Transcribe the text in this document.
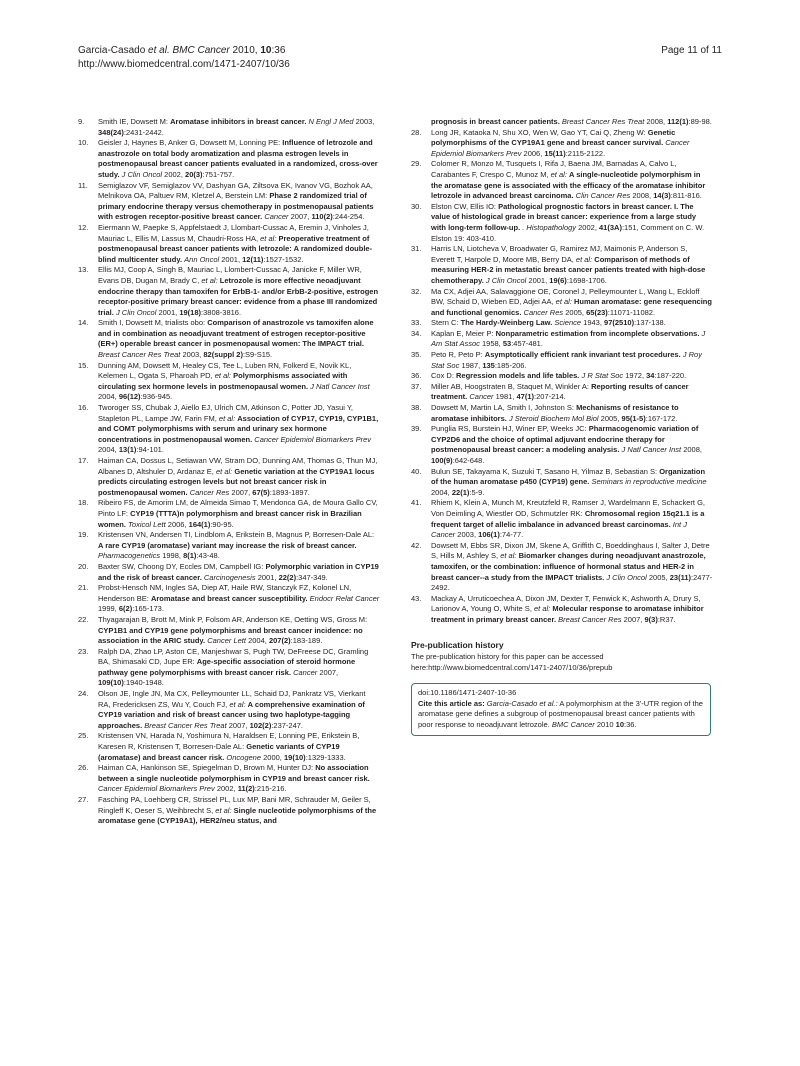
Garcia-Casado et al. BMC Cancer 2010, 10:36
http://www.biomedcentral.com/1471-2407/10/36
Page 11 of 11
9. Smith IE, Dowsett M: Aromatase inhibitors in breast cancer. N Engl J Med 2003, 348(24):2431-2442.
10. Geisler J, Haynes B, Anker G, Dowsett M, Lonning PE: Influence of letrozole and anastrozole on total body aromatization and plasma estrogen levels in postmenopausal breast cancer patients evaluated in a randomized, cross-over study. J Clin Oncol 2002, 20(3):751-757.
11. Semiglazov VF, Semiglazov VV, Dashyan GA, Ziltsova EK, Ivanov VG, Bozhok AA, Melnikova OA, Paltuev RM, Kletzel A, Berstein LM: Phase 2 randomized trial of primary endocrine therapy versus chemotherapy in postmenopausal patients with estrogen receptor-positive breast cancer. Cancer 2007, 110(2):244-254.
12. Eiermann W, Paepke S, Appfelstaedt J, Llombart-Cussac A, Eremin J, Vinholes J, Mauriac L, Ellis M, Lassus M, Chaudri-Ross HA, et al: Preoperative treatment of postmenopausal breast cancer patients with letrozole: A randomized double-blind multicenter study. Ann Oncol 2001, 12(11):1527-1532.
13. Ellis MJ, Coop A, Singh B, Mauriac L, Llombert-Cussac A, Janicke F, Miller WR, Evans DB, Dugan M, Brady C, et al: Letrozole is more effective neoadjuvant endocrine therapy than tamoxifen for ErbB-1- and/or ErbB-2-positive, estrogen receptor-positive primary breast cancer: evidence from a phase III randomized trial. J Clin Oncol 2001, 19(18):3808-3816.
14. Smith I, Dowsett M, trialists obo: Comparison of anastrozole vs tamoxifen alone and in combination as neoadjuvant treatment of estrogen receptor-positive (ER+) operable breast cancer in posmenopausal women: The IMPACT trial. Breast Cancer Res Treat 2003, 82(suppl 2):S9-S15.
15. Dunning AM, Dowsett M, Healey CS, Tee L, Luben RN, Folkerd E, Novik KL, Kelemen L, Ogata S, Pharoah PD, et al: Polymorphisms associated with circulating sex hormone levels in postmenopausal women. J Natl Cancer Inst 2004, 96(12):936-945.
16. Tworoger SS, Chubak J, Aiello EJ, Ulrich CM, Atkinson C, Potter JD, Yasui Y, Stapleton PL, Lampe JW, Farin FM, et al: Association of CYP17, CYP19, CYP1B1, and COMT polymorphisms with serum and urinary sex hormone concentrations in postmenopausal women. Cancer Epidemiol Biomarkers Prev 2004, 13(1):94-101.
17. Haiman CA, Dossus L, Setiawan VW, Stram DO, Dunning AM, Thomas G, Thun MJ, Albanes D, Altshuler D, Ardanaz E, et al: Genetic variation at the CYP19A1 locus predicts circulating estrogen levels but not breast cancer risk in postmenopausal women. Cancer Res 2007, 67(5):1893-1897.
18. Ribeiro FS, de Amorim LM, de Almeida Simao T, Mendonca GA, de Moura Gallo CV, Pinto LF: CYP19 (TTTA)n polymorphism and breast cancer risk in Brazilian women. Toxicol Lett 2006, 164(1):90-95.
19. Kristensen VN, Andersen TI, Lindblom A, Erikstein B, Magnus P, Borresen-Dale AL: A rare CYP19 (aromatase) variant may increase the risk of breast cancer. Pharmacogenetics 1998, 8(1):43-48.
20. Baxter SW, Choong DY, Eccles DM, Campbell IG: Polymorphic variation in CYP19 and the risk of breast cancer. Carcinogenesis 2001, 22(2):347-349.
21. Probst-Hensch NM, Ingles SA, Diep AT, Haile RW, Stanczyk FZ, Kolonel LN, Henderson BE: Aromatase and breast cancer susceptibility. Endocr Relat Cancer 1999, 6(2):165-173.
22. Thyagarajan B, Brott M, Mink P, Folsom AR, Anderson KE, Oetting WS, Gross M: CYP1B1 and CYP19 gene polymorphisms and breast cancer incidence: no association in the ARIC study. Cancer Lett 2004, 207(2):183-189.
23. Ralph DA, Zhao LP, Aston CE, Manjeshwar S, Pugh TW, DeFreese DC, Gramling BA, Shimasaki CD, Jupe ER: Age-specific association of steroid hormone pathway gene polymorphisms with breast cancer risk. Cancer 2007, 109(10):1940-1948.
24. Olson JE, Ingle JN, Ma CX, Pelleymounter LL, Schaid DJ, Pankratz VS, Vierkant RA, Fredericksen ZS, Wu Y, Couch FJ, et al: A comprehensive examination of CYP19 variation and risk of breast cancer using two haplotype-tagging approaches. Breast Cancer Res Treat 2007, 102(2):237-247.
25. Kristensen VN, Harada N, Yoshimura N, Haraldsen E, Lonning PE, Erikstein B, Karesen R, Kristensen T, Borresen-Dale AL: Genetic variants of CYP19 (aromatase) and breast cancer risk. Oncogene 2000, 19(10):1329-1333.
26. Haiman CA, Hankinson SE, Spiegelman D, Brown M, Hunter DJ: No association between a single nucleotide polymorphism in CYP19 and breast cancer risk. Cancer Epidemiol Biomarkers Prev 2002, 11(2):215-216.
27. Fasching PA, Loehberg CR, Strissel PL, Lux MP, Bani MR, Schrauder M, Geiler S, Ringleff K, Oeser S, Weihbrecht S, et al: Single nucleotide polymorphisms of the aromatase gene (CYP19A1), HER2/neu status, and
prognosis in breast cancer patients. Breast Cancer Res Treat 2008, 112(1):89-98.
28. Long JR, Kataoka N, Shu XO, Wen W, Gao YT, Cai Q, Zheng W: Genetic polymorphisms of the CYP19A1 gene and breast cancer survival. Cancer Epidemiol Biomarkers Prev 2006, 15(11):2115-2122.
29. Colomer R, Monzo M, Tusquets I, Rifa J, Baena JM, Barnadas A, Calvo L, Carabantes F, Crespo C, Munoz M, et al: A single-nucleotide polymorphism in the aromatase gene is associated with the efficacy of the aromatase inhibitor letrozole in advanced breast carcinoma. Clin Cancer Res 2008, 14(3):811-816.
30. Elston CW, Ellis IO: Pathological prognostic factors in breast cancer. I. The value of histological grade in breast cancer: experience from a large study with long-term follow-up. . Histopathology 2002, 41(3A):151, Comment on C. W. Elston 19: 403-410.
31. Harris LN, Liotcheva V, Broadwater G, Ramirez MJ, Maimonis P, Anderson S, Everett T, Harpole D, Moore MB, Berry DA, et al: Comparison of methods of measuring HER-2 in metastatic breast cancer patients treated with high-dose chemotherapy. J Clin Oncol 2001, 19(6):1698-1706.
32. Ma CX, Adjei AA, Salavaggione OE, Coronel J, Pelleymounter L, Wang L, Eckloff BW, Schaid D, Wieben ED, Adjei AA, et al: Human aromatase: gene resequencing and functional genomics. Cancer Res 2005, 65(23):11071-11082.
33. Stern C: The Hardy-Weinberg Law. Science 1943, 97(2510):137-138.
34. Kaplan E, Meier P: Nonparametric estimation from incomplete observations. J Am Stat Assoc 1958, 53:457-481.
35. Peto R, Peto P: Asymptotically efficient rank invariant test procedures. J Roy Stat Soc 1987, 135:185-206.
36. Cox D: Regression models and life tables. J R Stat Soc 1972, 34:187-220.
37. Miller AB, Hoogstraten B, Staquet M, Winkler A: Reporting results of cancer treatment. Cancer 1981, 47(1):207-214.
38. Dowsett M, Martin LA, Smith I, Johnston S: Mechanisms of resistance to aromatase inhibitors. J Steroid Biochem Mol Biol 2005, 95(1-5):167-172.
39. Punglia RS, Burstein HJ, Winer EP, Weeks JC: Pharmacogenomic variation of CYP2D6 and the choice of optimal adjuvant endocrine therapy for postmenopausal breast cancer: a modeling analysis. J Natl Cancer Inst 2008, 100(9):642-648.
40. Bulun SE, Takayama K, Suzuki T, Sasano H, Yilmaz B, Sebastian S: Organization of the human aromatase p450 (CYP19) gene. Seminars in reproductive medicine 2004, 22(1):5-9.
41. Rhiem K, Klein A, Munch M, Kreutzfeld R, Ramser J, Wardelmann E, Schackert G, Von Deimling A, Wiestler OD, Schmutzler RK: Chromosomal region 15q21.1 is a frequent target of allelic imbalance in advanced breast carcinomas. Int J Cancer 2003, 106(1):74-77.
42. Dowsett M, Ebbs SR, Dixon JM, Skene A, Griffith C, Boeddinghaus I, Salter J, Detre S, Hills M, Ashley S, et al: Biomarker changes during neoadjuvant anastrozole, tamoxifen, or the combination: influence of hormonal status and HER-2 in breast cancer--a study from the IMPACT trialists. J Clin Oncol 2005, 23(11):2477-2492.
43. Mackay A, Urruticoechea A, Dixon JM, Dexter T, Fenwick K, Ashworth A, Drury S, Larionov A, Young O, White S, et al: Molecular response to aromatase inhibitor treatment in primary breast cancer. Breast Cancer Res 2007, 9(3):R37.
Pre-publication history
The pre-publication history for this paper can be accessed here:http://www.biomedcentral.com/1471-2407/10/36/prepub
doi:10.1186/1471-2407-10-36
Cite this article as: Garcia-Casado et al.: A polymorphism at the 3'-UTR region of the aromatase gene defines a subgroup of postmenopausal breast cancer patients with poor response to neoadjuvant letrozole. BMC Cancer 2010 10:36.
